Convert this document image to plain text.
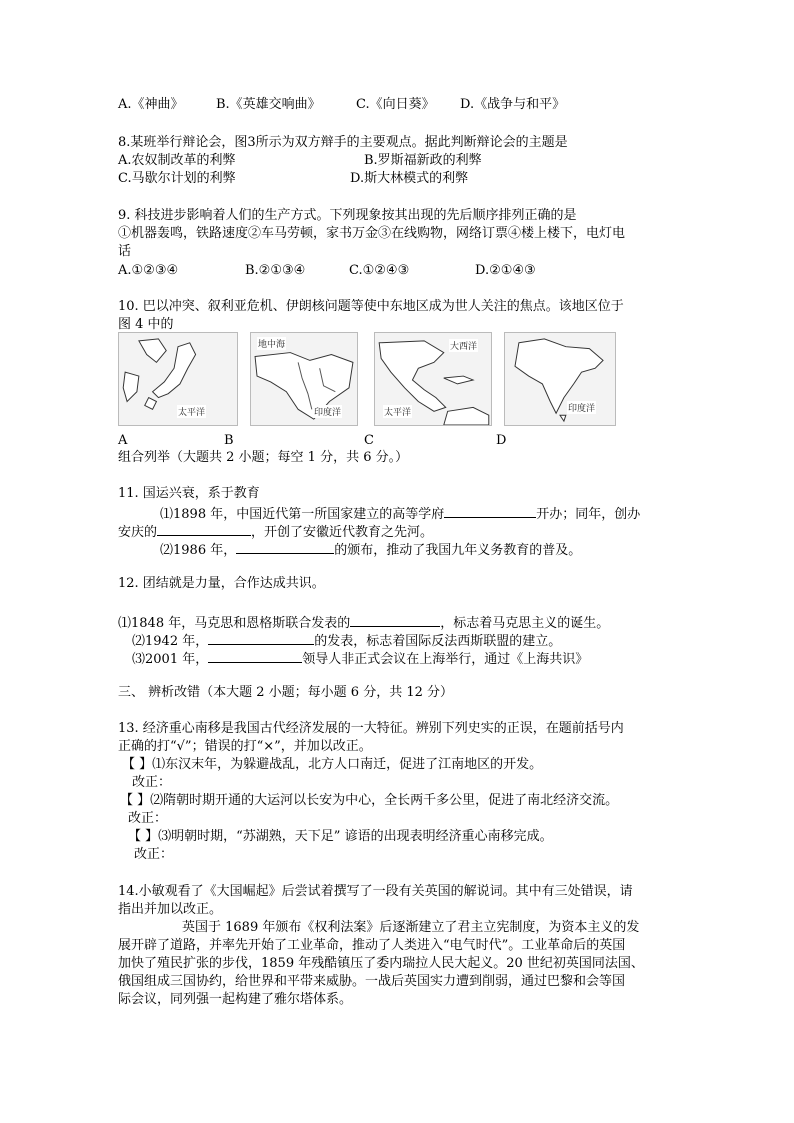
A.《神曲》 B.《英雄交响曲》	C.《向日葵》 D.《战争与和平》
8.某班举行辩论会，图3所示为双方辩手的主要观点。据此判断辩论会的主题是
A.农奴制改革的利弊	B.罗斯福新政的利弊
C.马歇尔计划的利弊	D.斯大林模式的利弊
9. 科技进步影响着人们的生产方式。下列现象按其出现的先后顺序排列正确的是
①机器轰鸣，铁路速度②车马劳顿，家书万金③在线购物，网络订票④楼上楼下，电灯电
话
A.①②③④	B.②①③④	C.①②④③	D.②①④③
10. 巴以冲突、叙利亚危机、伊朗核问题等使中东地区成为世人关注的焦点。该地区位于
图 4 中的
太平洋
地中海
印度洋
大西洋
太平洋	印度洋
A	B	C	D
组合列举（大题共 2 小题；每空 1 分，共 6 分。）
11. 国运兴衰，系于教育
⑴1898 年，中国近代第一所国家建立的高等学府	开办；同年，创办
安庆的	，开创了安徽近代教育之先河。
⑵1986 年，	的颁布，推动了我国九年义务教育的普及。
12. 团结就是力量，合作达成共识。
⑴1848 年，马克思和恩格斯联合发表的	，标志着马克思主义的诞生。
⑵1942 年，	的发表，标志着国际反法西斯联盟的建立。
⑶2001 年，	领导人非正式会议在上海举行，通过《上海共识》
三、 辨析改错（本大题 2 小题；每小题 6 分，共 12 分）
13. 经济重心南移是我国古代经济发展的一大特征。辨别下列史实的正误，在题前括号内
正确的打“√”；错误的打“×”，并加以改正。
【 】⑴东汉末年，为躲避战乱，北方人口南迁，促进了江南地区的开发。
改正：
【 】⑵隋朝时期开通的大运河以长安为中心，全长两千多公里，促进了南北经济交流。
改正：
【 】⑶明朝时期，“苏湖熟，天下足” 谚语的出现表明经济重心南移完成。
改正：
14.小敏观看了《大国崛起》后尝试着撰写了一段有关英国的解说词。其中有三处错误，请
指出并加以改正。
英国于 1689 年颁布《权利法案》后逐渐建立了君主立宪制度，为资本主义的发
展开辟了道路，并率先开始了工业革命，推动了人类进入“电气时代”。工业革命后的英国
加快了殖民扩张的步伐，1859 年残酷镇压了委内瑞拉人民大起义。20 世纪初英国同法国、
俄国组成三国协约，给世界和平带来威胁。一战后英国实力遭到削弱，通过巴黎和会等国
际会议，同列强一起构建了雅尔塔体系。
